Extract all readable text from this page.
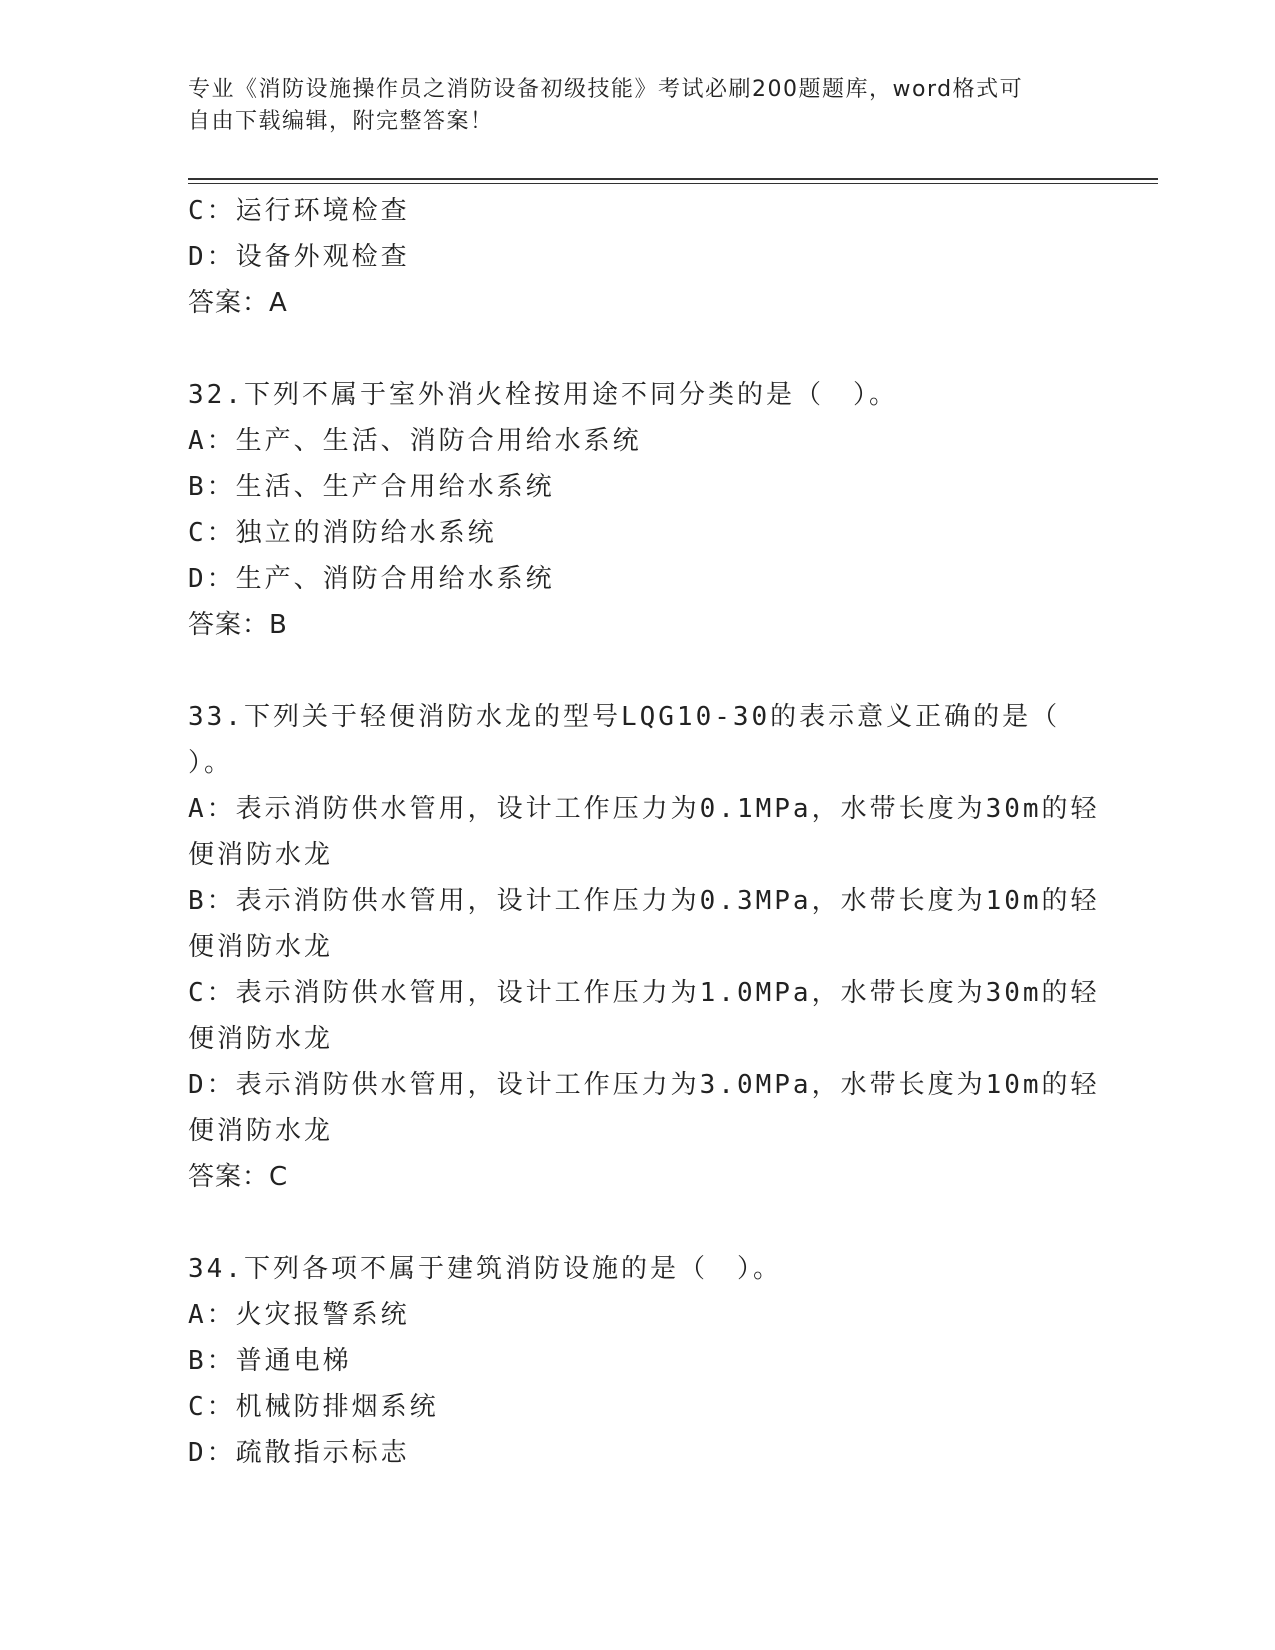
专业《消防设施操作员之消防设备初级技能》考试必刷200题题库，word格式可
自由下载编辑，附完整答案！
C：运行环境检查
D：设备外观检查
答案：A
32.下列不属于室外消火栓按用途不同分类的是（　）。
A：生产、生活、消防合用给水系统
B：生活、生产合用给水系统
C：独立的消防给水系统
D：生产、消防合用给水系统
答案：B
33.下列关于轻便消防水龙的型号LQG10-30的表示意义正确的是（
）。
A：表示消防供水管用，设计工作压力为0.1MPa，水带长度为30m的轻
便消防水龙
B：表示消防供水管用，设计工作压力为0.3MPa，水带长度为10m的轻
便消防水龙
C：表示消防供水管用，设计工作压力为1.0MPa，水带长度为30m的轻
便消防水龙
D：表示消防供水管用，设计工作压力为3.0MPa，水带长度为10m的轻
便消防水龙
答案：C
34.下列各项不属于建筑消防设施的是（　）。
A：火灾报警系统
B：普通电梯
C：机械防排烟系统
D：疏散指示标志
